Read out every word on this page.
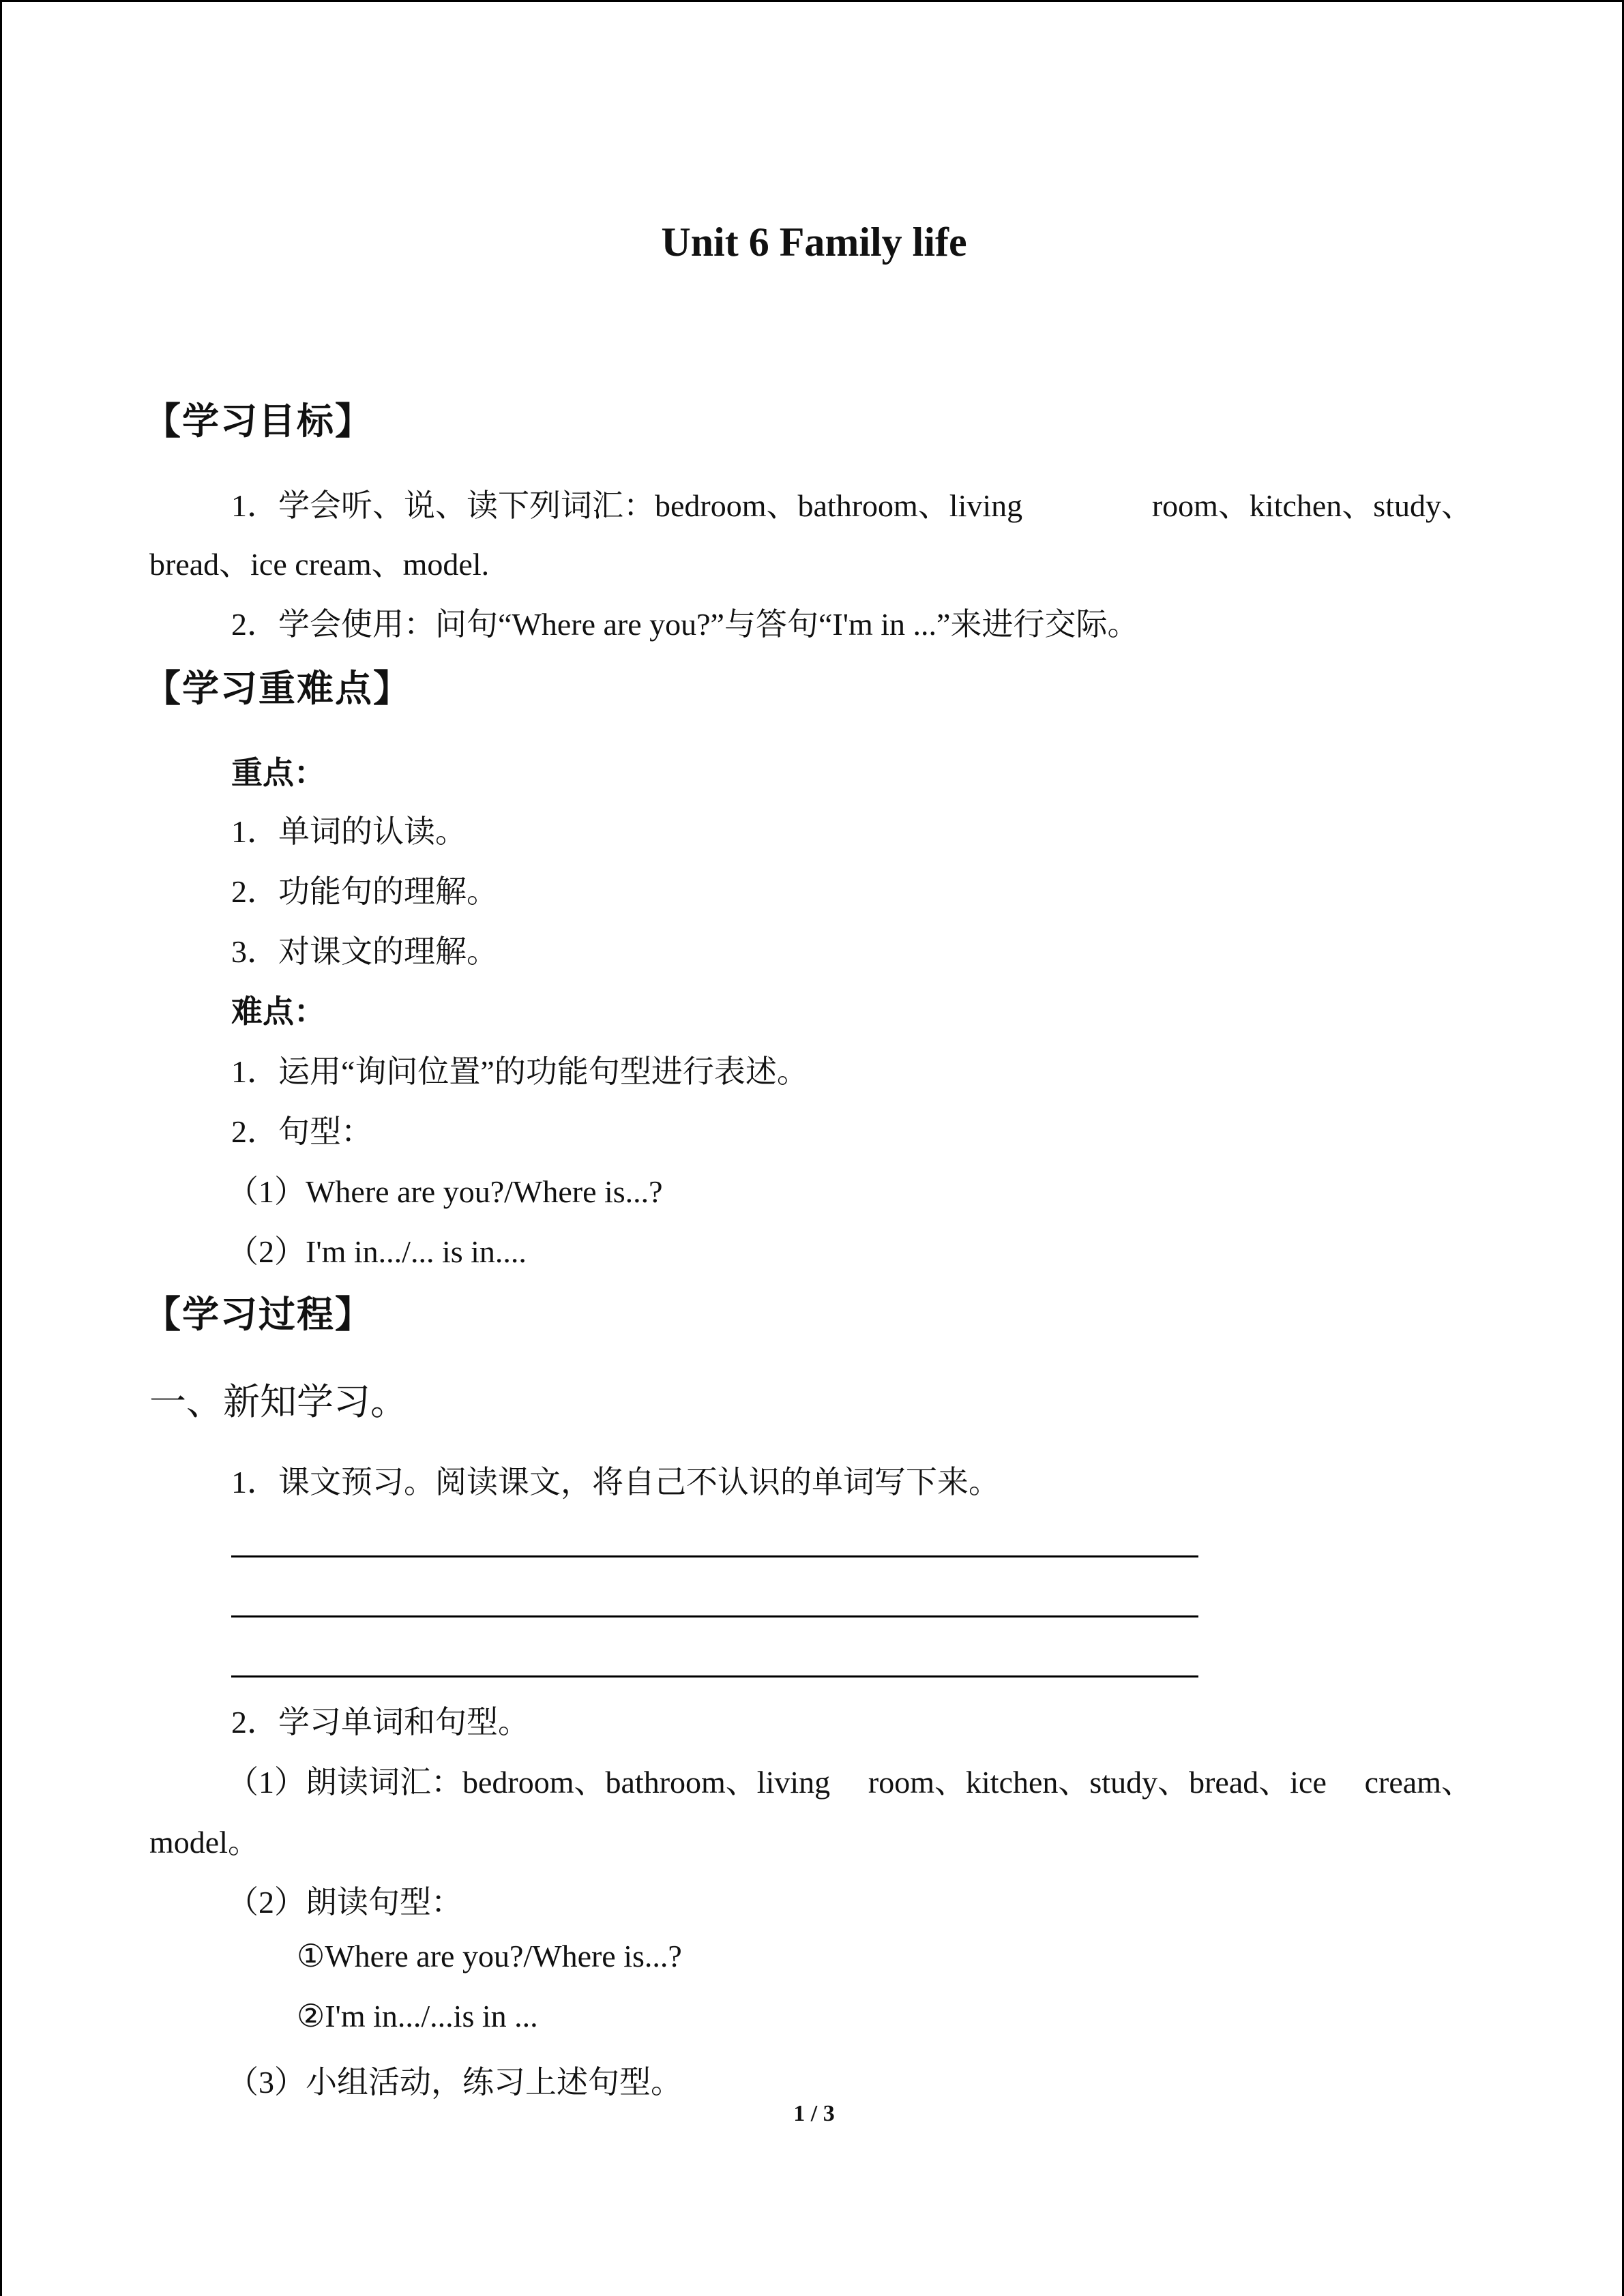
Unit 6 Family life
【学习目标】
1．学会听、说、读下列词汇：bedroom、bathroom、living	room、kitchen、study、
bread、ice cream、model.
2．学会使用：问句“Where are you?”与答句“I'm in ...”来进行交际。
【学习重难点】
重点：
1．单词的认读。
2．功能句的理解。
3．对课文的理解。
难点：
1．运用“询问位置”的功能句型进行表述。
2．句型：
（1）Where are you?/Where is...?
（2）I'm in.../... is in....
【学习过程】
一、新知学习。
1．课文预习。阅读课文，将自己不认识的单词写下来。
2．学习单词和句型。
（1）朗读词汇：bedroom、bathroom、living room、kitchen、study、bread、ice cream、
model。
（2）朗读句型：
①Where are you?/Where is...?
②I'm in.../...is in ...
（3）小组活动，练习上述句型。
1 / 3
